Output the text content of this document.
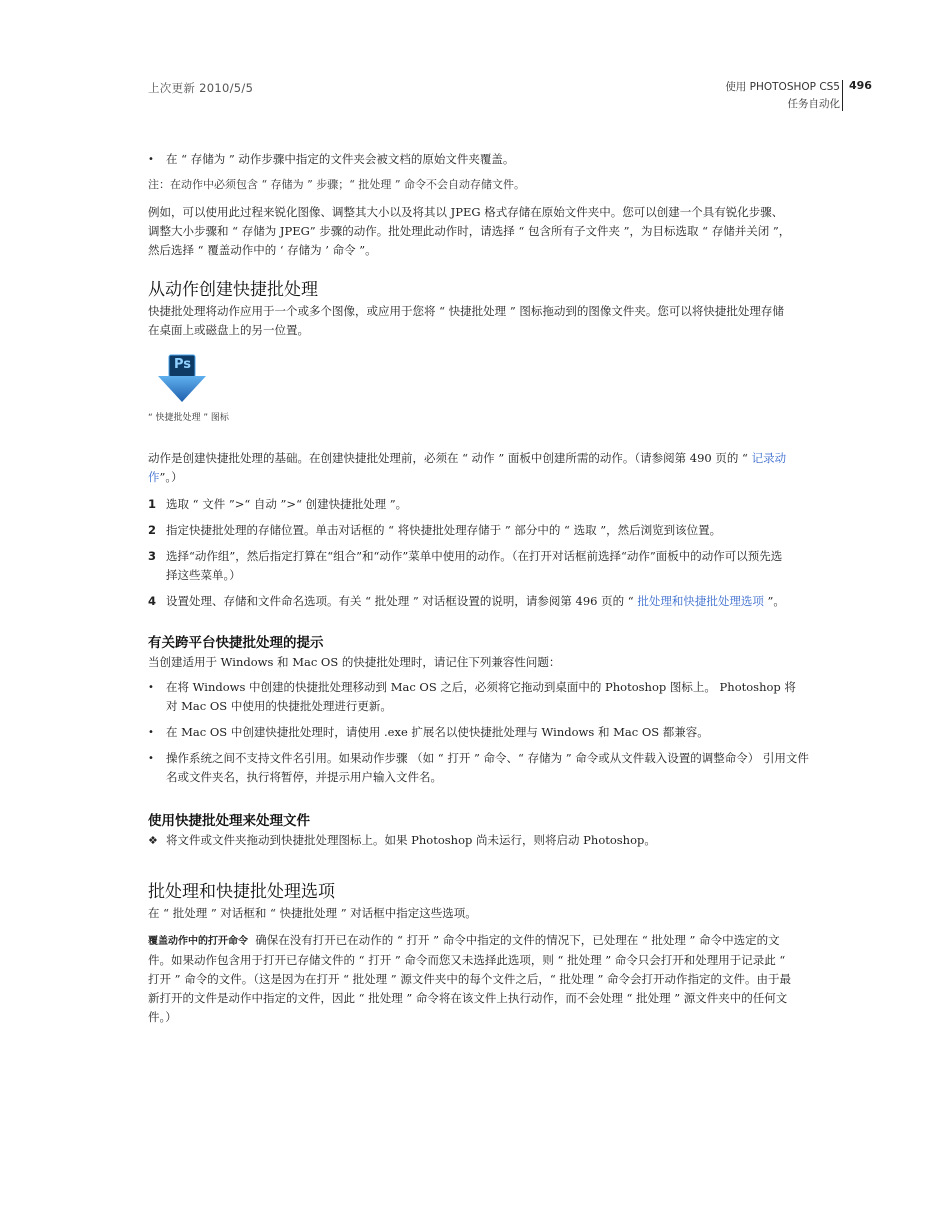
上次更新 2010/5/5	使用 PHOTOSHOP CS5
任务自动化
496
• 在 “ 存储为 ” 动作步骤中指定的文件夹会被文档的原始文件夹覆盖。

注：在动作中必须包含 “ 存储为 ” 步骤；“ 批处理 ” 命令不会自动存储文件。

例如，可以使用此过程来锐化图像、调整其大小以及将其以 JPEG 格式存储在原始文件夹中。您可以创建一个具有锐化步骤、

调整大小步骤和 “ 存储为 JPEG” 步骤的动作。批处理此动作时，请选择 “ 包含所有子文件夹 ”，为目标选取 “ 存储并关闭 ”，

然后选择 “ 覆盖动作中的 ‘ 存储为 ’ 命令 ”。

从动作创建快捷批处理

快捷批处理将动作应用于一个或多个图像，或应用于您将 “ 快捷批处理 ” 图标拖动到的图像文件夹。您可以将快捷批处理存储

在桌面上或磁盘上的另一位置。

Ps
“ 快捷批处理 ” 图标

动作是创建快捷批处理的基础。在创建快捷批处理前，必须在 “ 动作 ” 面板中创建所需的动作。（请参阅第 490 页的 “ 记录动

作”。）

1 选取 “ 文件 ”>“ 自动 ”>“ 创建快捷批处理 ”。
2 指定快捷批处理的存储位置。单击对话框的 “ 将快捷批处理存储于 ” 部分中的 “ 选取 ”，然后浏览到该位置。
3 选择“动作组”，然后指定打算在“组合”和“动作”菜单中使用的动作。（在打开对话框前选择“动作”面板中的动作可以预先选
择这些菜单。）
4 设置处理、存储和文件命名选项。有关 “ 批处理 ” 对话框设置的说明，请参阅第 496 页的 “ 批处理和快捷批处理选项 ”。
有关跨平台快捷批处理的提示

当创建适用于 Windows 和 Mac OS 的快捷批处理时，请记住下列兼容性问题：

• 在将 Windows 中创建的快捷批处理移动到 Mac OS 之后，必须将它拖动到桌面中的 Photoshop 图标上。 Photoshop 将
对 Mac OS 中使用的快捷批处理进行更新。
• 在 Mac OS 中创建快捷批处理时，请使用 .exe 扩展名以使快捷批处理与 Windows 和 Mac OS 都兼容。
• 操作系统之间不支持文件名引用。如果动作步骤 （如 “ 打开 ” 命令、“ 存储为 ” 命令或从文件载入设置的调整命令） 引用文件
名或文件夹名，执行将暂停，并提示用户输入文件名。
使用快捷批处理来处理文件
❖ 将文件或文件夹拖动到快捷批处理图标上。如果 Photoshop 尚未运行，则将启动 Photoshop。
批处理和快捷批处理选项

在 “ 批处理 ” 对话框和 “ 快捷批处理 ” 对话框中指定这些选项。

覆盖动作中的打开命令 确保在没有打开已在动作的 “ 打开 ” 命令中指定的文件的情况下，已处理在 “ 批处理 ” 命令中选定的文

件。如果动作包含用于打开已存储文件的 “ 打开 ” 命令而您又未选择此选项，则 “ 批处理 ” 命令只会打开和处理用于记录此 “

打开 ” 命令的文件。（这是因为在打开 “ 批处理 ” 源文件夹中的每个文件之后，“ 批处理 ” 命令会打开动作指定的文件。由于最

新打开的文件是动作中指定的文件，因此 “ 批处理 ” 命令将在该文件上执行动作，而不会处理 “ 批处理 ” 源文件夹中的任何文

件。）
